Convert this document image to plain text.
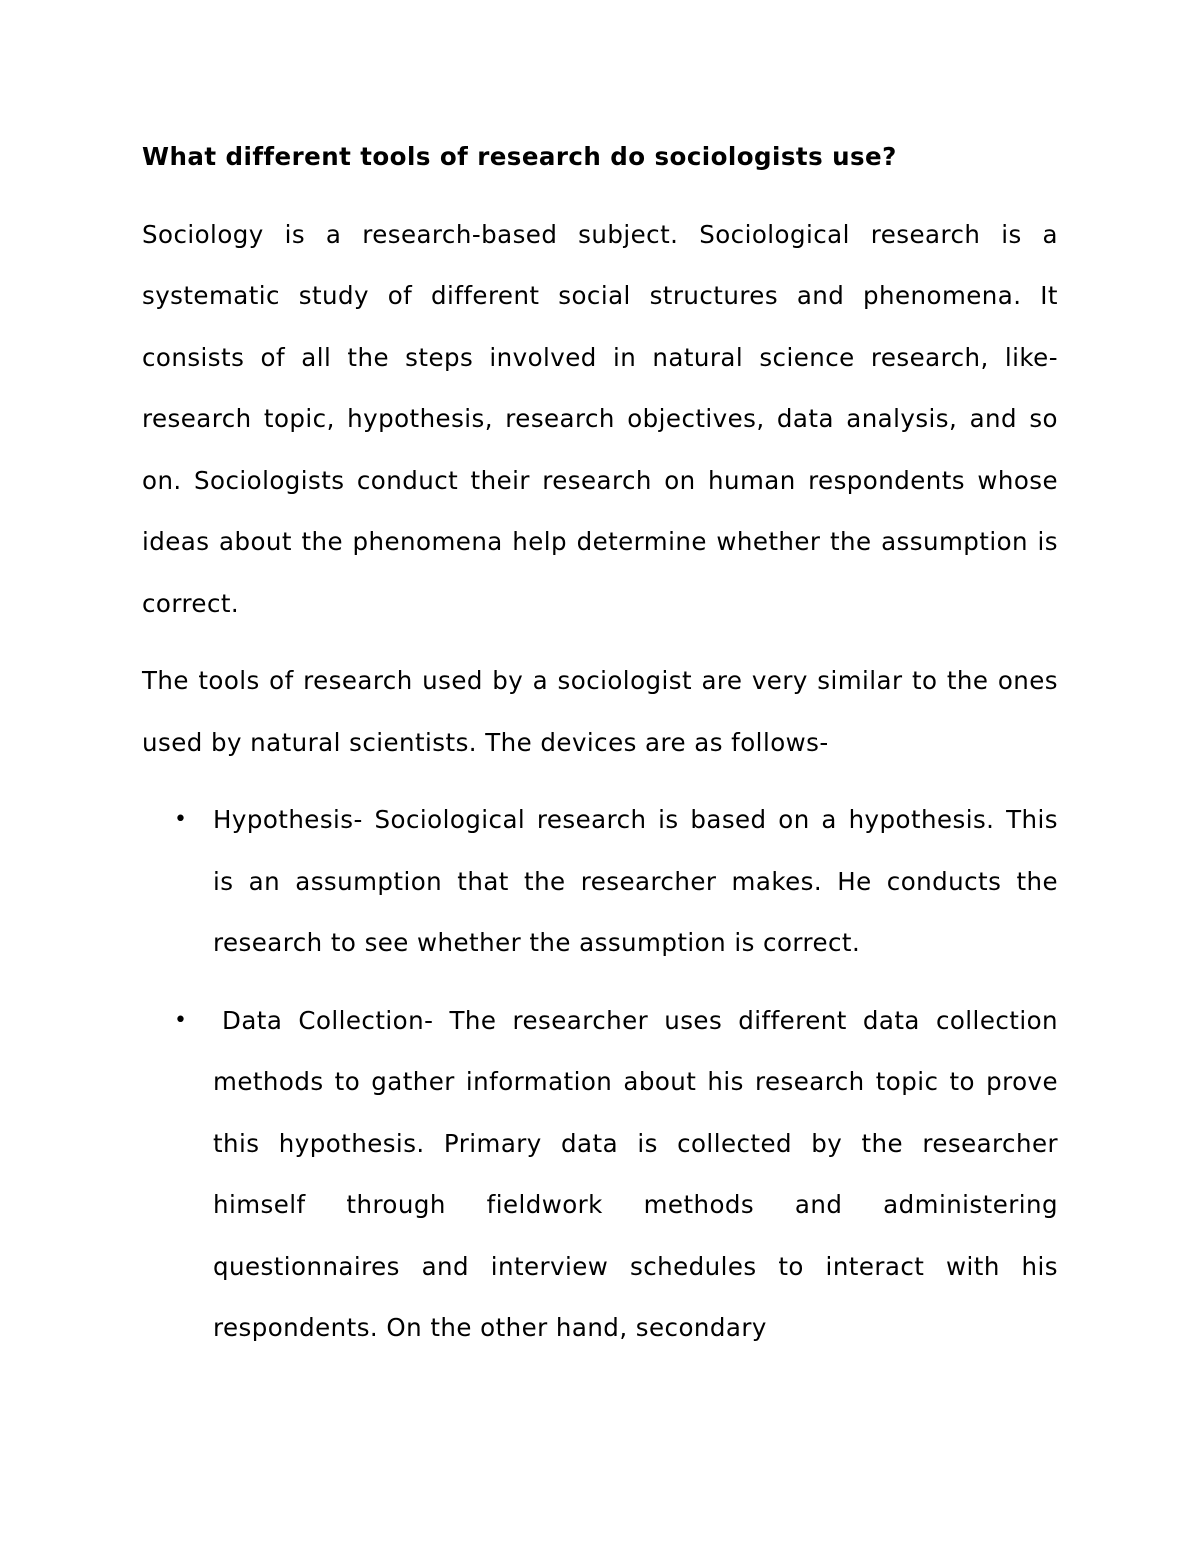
What different tools of research do sociologists use?

Sociology is a research-based subject. Sociological research is a systematic study of different social structures and phenomena. It consists of all the steps involved in natural science research, like- research topic, hypothesis, research objectives, data analysis, and so on. Sociologists conduct their research on human respondents whose ideas about the phenomena help determine whether the assumption is correct.

The tools of research used by a sociologist are very similar to the ones used by natural scientists. The devices are as follows-

• Hypothesis- Sociological research is based on a hypothesis. This is an assumption that the researcher makes. He conducts the research to see whether the assumption is correct.
•	Data Collection- The researcher uses different data collection methods to gather information about his research topic to prove this hypothesis. Primary data is collected by the researcher himself through fieldwork methods and administering questionnaires and interview schedules to interact with his respondents. On the other hand, secondary
